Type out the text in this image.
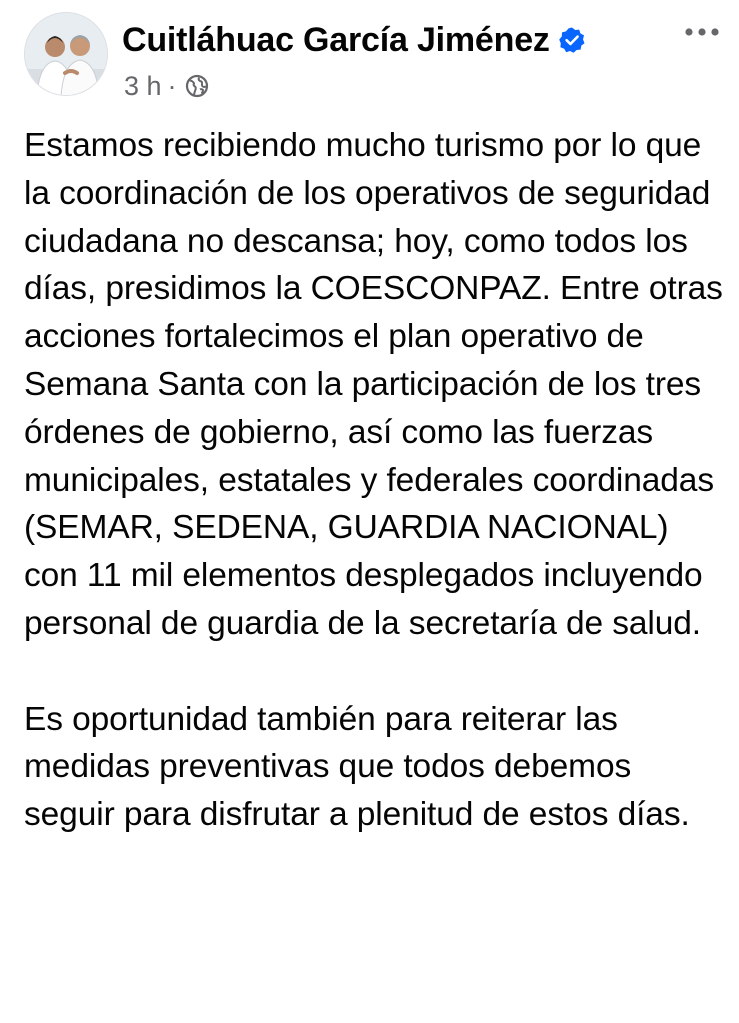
Cuitláhuac García Jiménez
3 h ·

Estamos recibiendo mucho turismo por lo que la coordinación de los operativos de seguridad ciudadana no descansa; hoy, como todos los días, presidimos la COESCONPAZ. Entre otras acciones fortalecimos el plan operativo de Semana Santa con la participación de los tres órdenes de gobierno, así como las fuerzas municipales, estatales y federales coordinadas (SEMAR, SEDENA, GUARDIA NACIONAL) con 11 mil elementos desplegados incluyendo personal de guardia de la secretaría de salud.

Es oportunidad también para reiterar las medidas preventivas que todos debemos seguir para disfrutar a plenitud de estos días.
